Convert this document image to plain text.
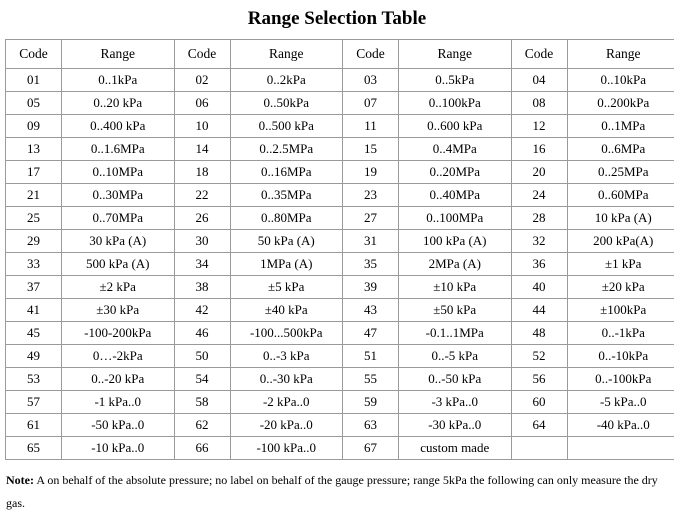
Range Selection Table
Code	Range	Code	Range	Code	Range	Code	Range
01	0..1kPa	02	0..2kPa	03	0..5kPa	04	0..10kPa
05	0..20 kPa	06	0..50kPa	07	0..100kPa	08	0..200kPa
09	0..400 kPa	10	0..500 kPa	11	0..600 kPa	12	0..1MPa
13	0..1.6MPa	14	0..2.5MPa	15	0..4MPa	16	0..6MPa
17	0..10MPa	18	0..16MPa	19	0..20MPa	20	0..25MPa
21	0..30MPa	22	0..35MPa	23	0..40MPa	24	0..60MPa
25	0..70MPa	26	0..80MPa	27	0..100MPa	28	10 kPa (A)
29	30 kPa (A)	30	50 kPa (A)	31	100 kPa (A)	32	200 kPa(A)
33	500 kPa (A)	34	1MPa (A)	35	2MPa (A)	36	±1 kPa
37	±2 kPa	38	±5 kPa	39	±10 kPa	40	±20 kPa
41	±30 kPa	42	±40 kPa	43	±50 kPa	44	±100kPa
45	-100-200kPa	46	-100...500kPa	47	-0.1..1MPa	48	0..-1kPa
49	0…-2kPa	50	0..-3 kPa	51	0..-5 kPa	52	0..-10kPa
53	0..-20 kPa	54	0..-30 kPa	55	0..-50 kPa	56	0..-100kPa
57	-1 kPa..0	58	-2 kPa..0	59	-3 kPa..0	60	-5 kPa..0
61	-50 kPa..0	62	-20 kPa..0	63	-30 kPa..0	64	-40 kPa..0
65	-10 kPa..0	66	-100 kPa..0	67	custom made		
Note: A on behalf of the absolute pressure; no label on behalf of the gauge pressure; range 5kPa the following can only measure the dry gas.
